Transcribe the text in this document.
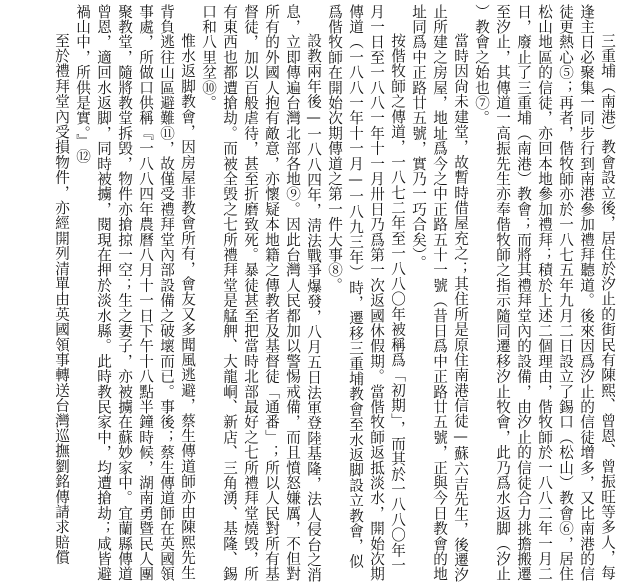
三重埔（南港）教會設立後，居住於汐止的街民有陳熙、曾恩、曾振旺等多人，每逢主日必聚集一同步行到南港參加禮拜聽道。後來因爲汐止的信徒增多，又比南港的信徒更熱心⑤；再者，偕牧師亦於一八七五年九月二日設立了錫口（松山）教會⑥，居住松山地區的信徒，亦回本地參加禮拜；積於上述二個理由，偕牧師於一八八二年一月二日，廢止了三重埔（南港）教會；而將其禮拜堂內的設備，由汐止的信徒合力挑擔搬遷至汐止，其傳道一高振先生亦奉偕牧師之指示隨同遷移汐止牧會，此乃爲水返脚（汐止）教會之始也⑦。

當時因尙未建堂，故暫時借屋充之；其住所是原住南港信徒—蘇六吉先生，後遷汐止所建之房屋，地址爲今之中正路五十一號（昔日爲中正路廿五號，正與今日教會的地址同爲中正路廿五號，實乃一巧合矣）。

按偕牧師之傳道，一八七二年至一八八〇年被稱爲「初期」，而其於一八八〇年一月一日至一八八一年十一月卅日乃爲第一次返國休假期。當偕牧師返抵淡水，開始次期傳道（一八八一年十一月—一八九三年）時，遷移三重埔教會至水返脚設立教會，似爲偕牧師在開始次期傳道之第一件大事⑧。

設教兩年後—一八八四年，淸法戰爭爆發，八月五日法軍登陸基隆，法人侵台之消息，立即傳遍台灣北部各地⑨。因此台灣人民都加以警惕戒備，而且憤怒嫌厲，不但對所有的外國人抱有敵意，亦懷疑本地籍之傳教者及基督徒「通番」；所以人民對所有基督徒，加以百般虐待，甚至折磨致死。暴徒甚至把當時北部最好之七所禮拜堂燒毁，所有東西也都遭搶劫。而被全毁之七所禮拜堂是艋舺、大龍峒、新店、三角湧、基隆、錫口和八里坌⑩。

惟水返脚教會，因房屋非教會所有，會友又多聞風逃避，蔡生傳道師亦由陳熙先生背負逃往山區避難⑪，故僅受禮拜堂內部設備之破壞而已。事後；蔡生傳道師在英國領事處，所做口供稱『一八八四年農曆八月十一日下午十八點半鐘時候，湖南勇暨民人團聚教堂，隨將教堂拆毁，物件亦搶掠一空；生之妻子，亦被擄在蘇妙家中。宜蘭縣傳道曾恩，適回水返脚，同時被擄，閱現在押於淡水縣。此時教民家中，均遭搶劫；咸皆避禍山中，所供是實。』⑫

至於禮拜堂內受損物件，亦經開列清單由英國領事轉送台灣巡撫劉銘傳請求賠償
